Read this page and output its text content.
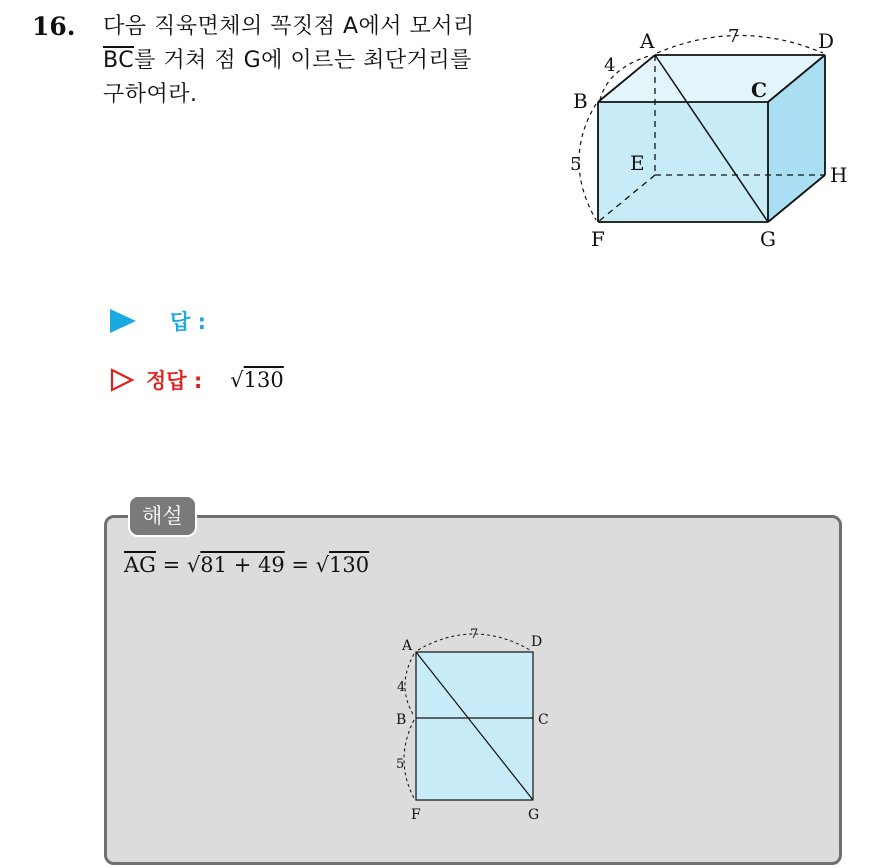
16. 다음 직육면체의 꼭짓점 A에서 모서리
$\overline{BC}$를 거쳐 점 G에 이르는 최단거리를
구하여라.
A
B	C
D
E
F	G
H
4
7
5
답 :
정답 : √130
해설
$\overline{AG} = √81 + 49 = √130$
A
B	C
D
F	G
4
7
5
